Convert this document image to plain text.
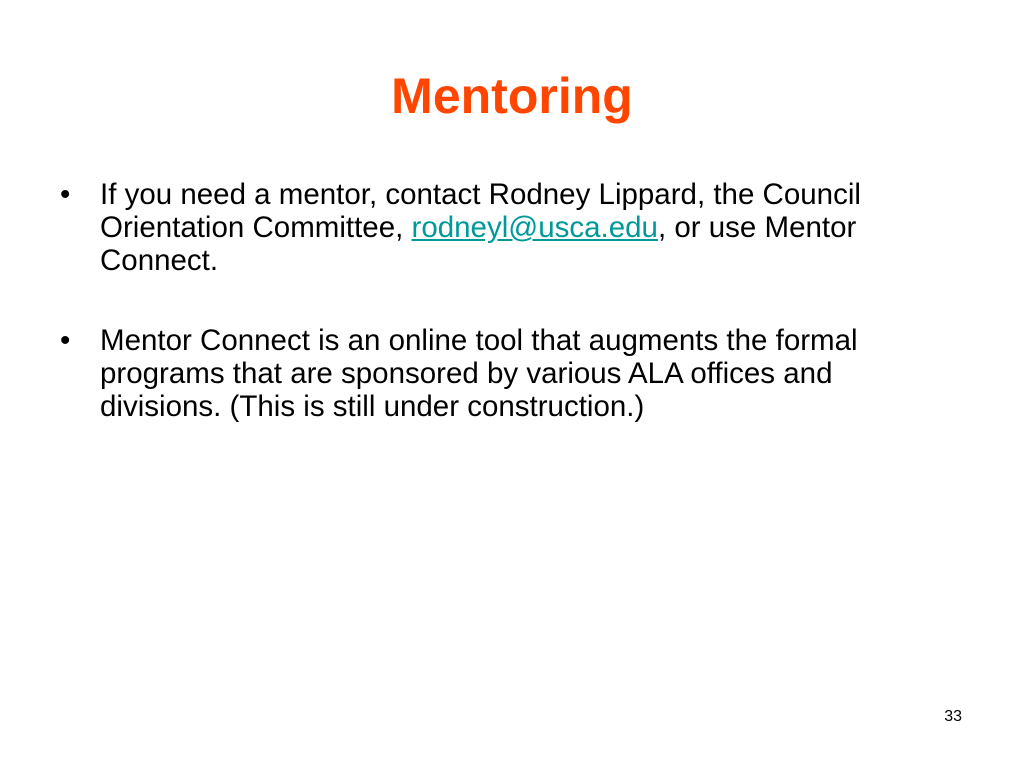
Mentoring
• If you need a mentor, contact Rodney Lippard, the Council Orientation Committee, rodneyl@usca.edu, or use Mentor Connect.
• Mentor Connect is an online tool that augments the formal programs that are sponsored by various ALA offices and divisions. (This is still under construction.)
33
